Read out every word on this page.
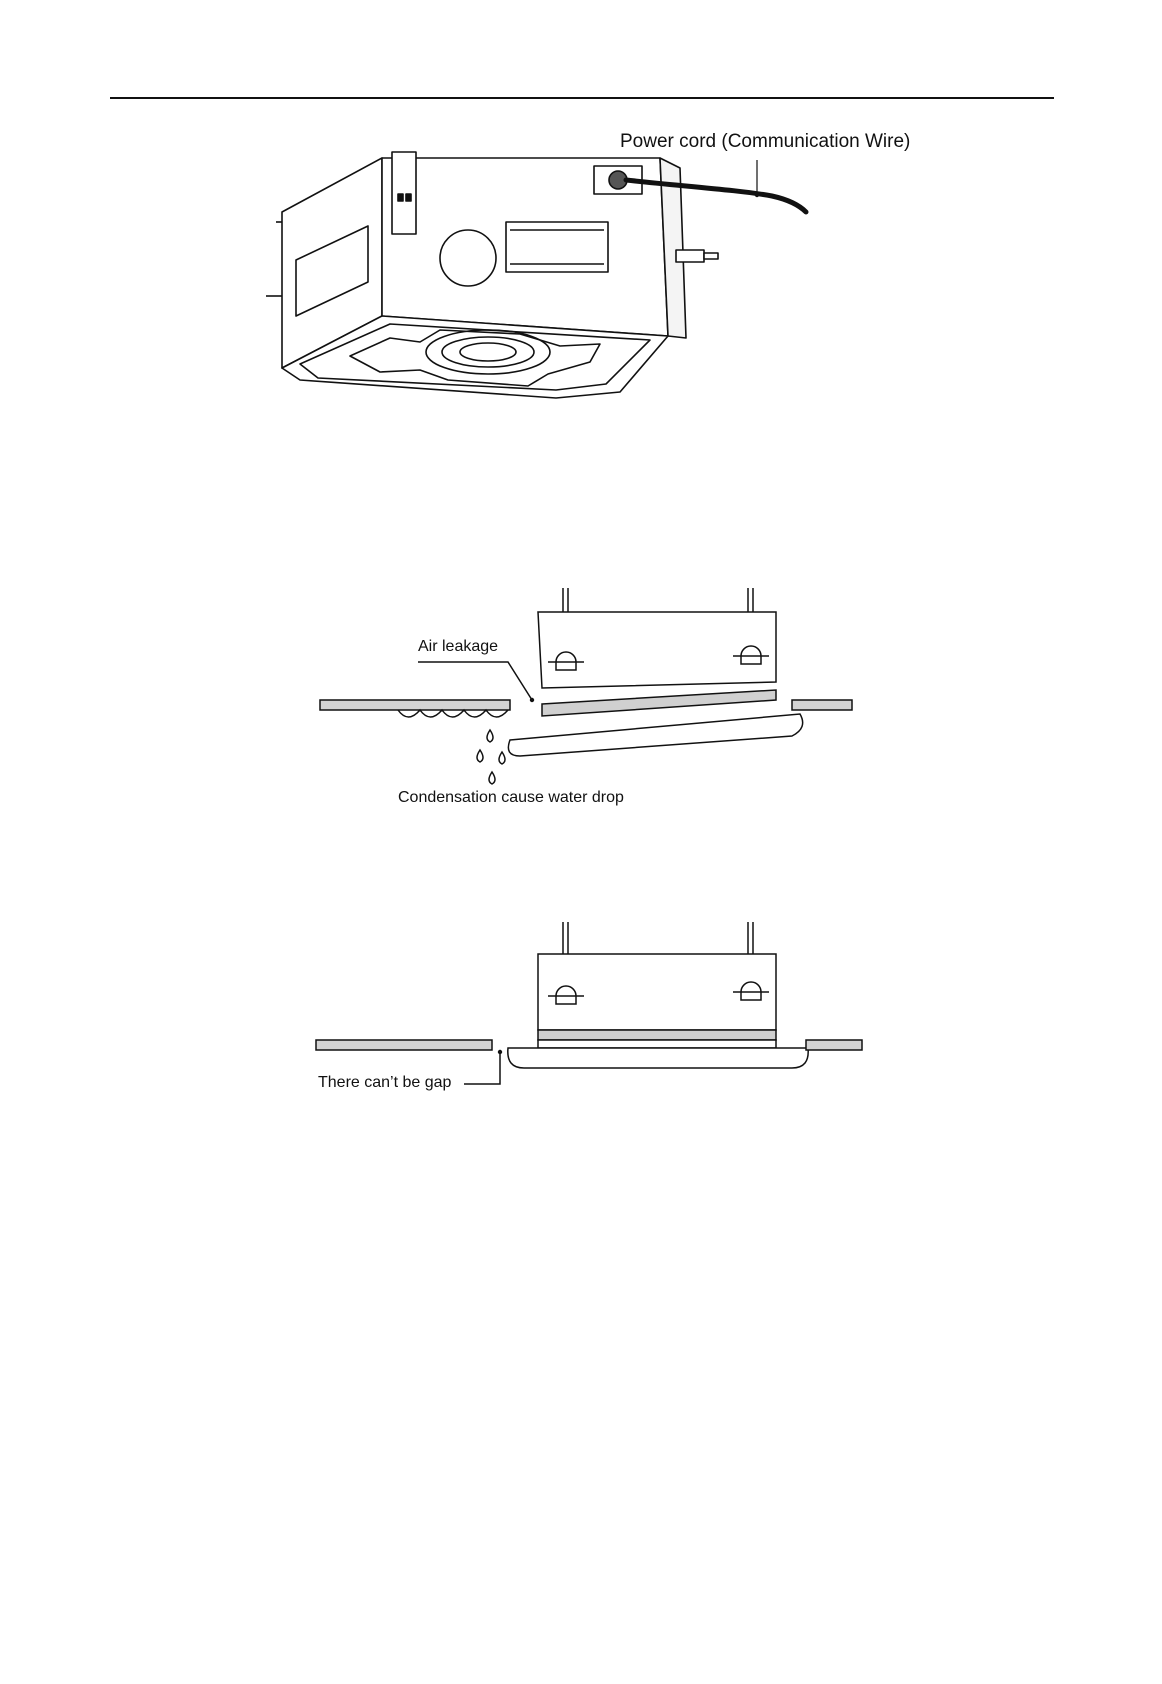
Power cord (Communication Wire)
Air leakage
Condensation cause water drop
There can’t be gap
